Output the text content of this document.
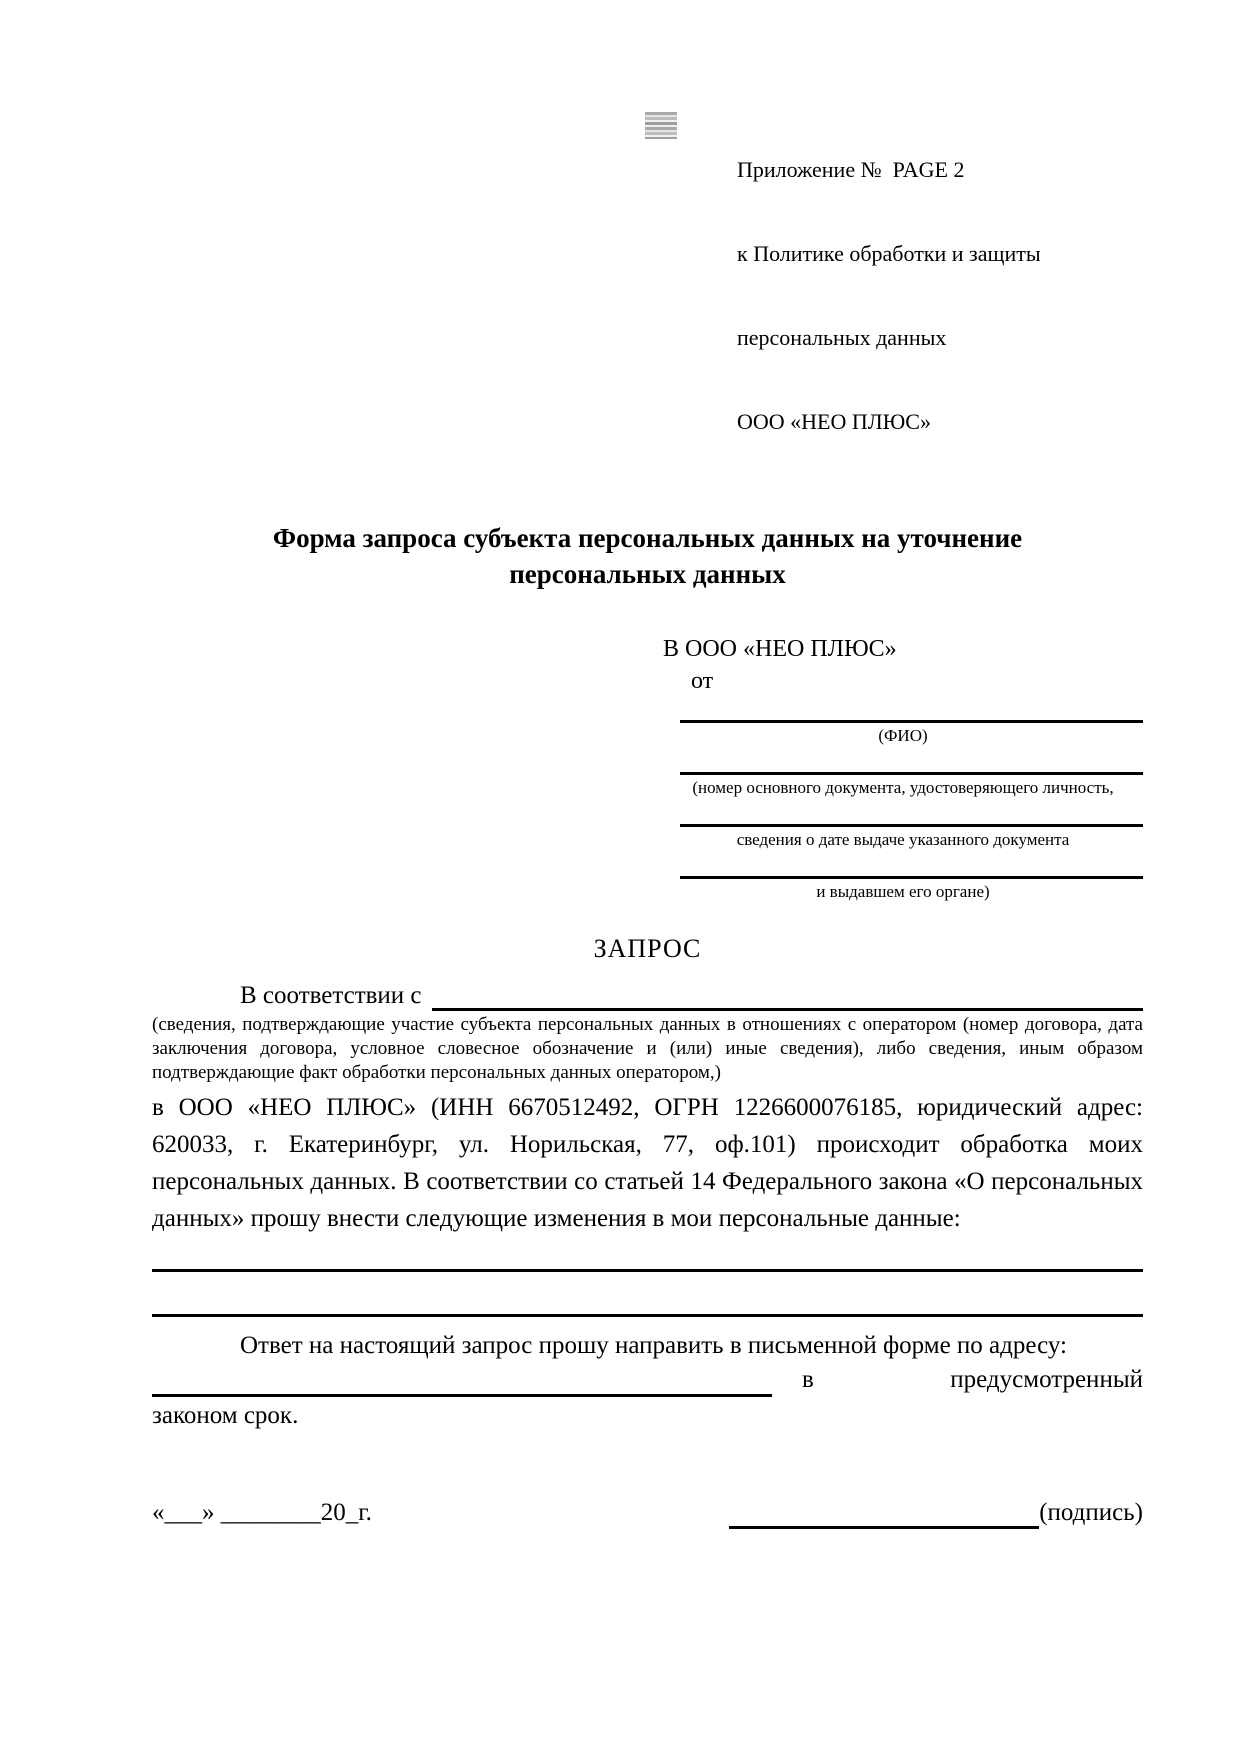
Приложение №  PAGE 2

к Политике обработки и защиты

персональных данных

ООО «НЕО ПЛЮС»

Форма запроса субъекта персональных данных на уточнение персональных данных
В ООО «НЕО ПЛЮС»
от
(ФИО)
(номер основного документа, удостоверяющего личность,
сведения о дате выдаче указанного документа
и выдавшем его органе)
ЗАПРОС
В соответствии с
(сведения, подтверждающие участие субъекта персональных данных в отношениях с оператором (номер договора, дата заключения договора, условное словесное обозначение и (или) иные сведения), либо сведения, иным образом подтверждающие факт обработки персональных данных оператором,)
в ООО «НЕО ПЛЮС» (ИНН 6670512492, ОГРН 1226600076185, юридический адрес: 620033, г. Екатеринбург, ул. Норильская, 77, оф.101) происходит обработка моих персональных данных. В соответствии со статьей 14 Федерального закона «О персональных данных» прошу внести следующие изменения в мои персональные данные:
Ответ на настоящий запрос прошу направить в письменной форме по адресу:
в	предусмотренный
законом срок.
«___» ________20_г.	(подпись)
